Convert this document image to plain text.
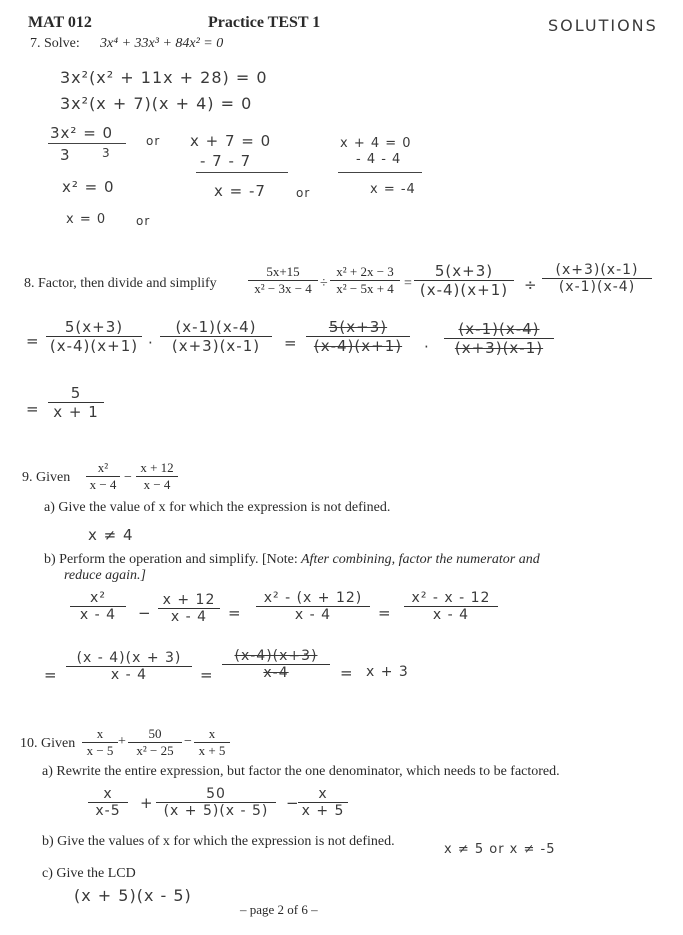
MAT 012	Practice TEST 1	SOLUTIONS
7. Solve: 3x⁴ + 33x³ + 84x² = 0
3x²(x² + 11x + 28) = 0
3x²(x + 7)(x + 4) = 0
3x² = 0
3	3
or x + 7 = 0
- 7 - 7
x + 4 = 0
- 4 - 4
x² = 0	x = -7	or	x = -4
x = 0 or
8. Factor, then divide and simplify $\frac{5x+15}{\text{x² − 3x − 4}} \div \frac{\text{x² + 2x − 3}}{\text{x² − 5x + 4}} = \frac{5(x+3)}{(x-4)(x+1)} \div \frac{(x+3)(x-1)}{(x-1)(x-4)}$
= $\frac{5(x+3)}{(x-4)(x+1)} \cdot \frac{(x-1)(x-4)}{(x+3)(x-1)} = \frac{5(x+3)}{(x-4)(x+1)} \cdot \frac{(x-1)(x-4)}{(x+3)(x-1)}$
= $\frac{5}{x + 1}$
9. Given $\frac{\text{x²}}{x - 4} - \frac{x + 12}{x - 4}$
a) Give the value of x for which the expression is not defined.
x ≠ 4
b) Perform the operation and simplify. [Note: After combining, factor the numerator and
reduce again.]
$\frac{\text{x²}}{x - 4} - \frac{x + 12}{x - 4} = \frac{\text{x² - (x + 12)}}{x - 4} = \frac{\text{x² - x - 12}}{x - 4}$
= $\frac{(x - 4)(x + 3)}{x - 4} = \frac{(x-4)(x+3)}{x-4} = x + 3$
10. Given $\frac{x}{x - 5} + \frac{50}{\text{x² − 25}} - \frac{x}{x + 5}$
a) Rewrite the entire expression, but factor the one denominator, which needs to be factored.
$\frac{x}{x-5} + \frac{50}{(x + 5)(x - 5)}$ −
$\frac{x}{x + 5}$
b) Give the values of x for which the expression is not defined.
x ≠ 5 or x ≠ -5
c) Give the LCD
(x + 5)(x - 5)
– page 2 of 6 –
